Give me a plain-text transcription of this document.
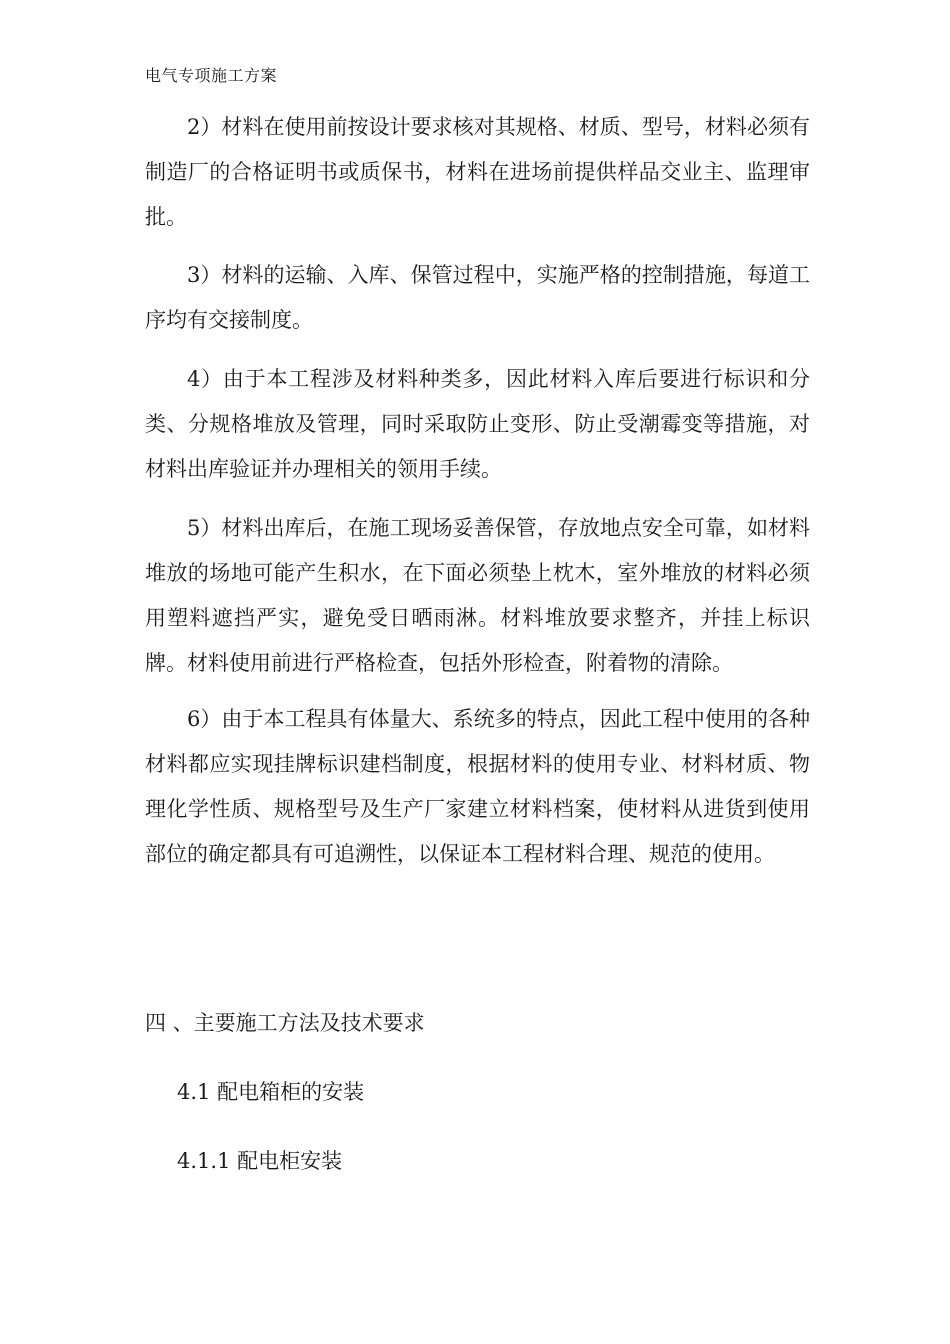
电气专项施工方案

2）材料在使用前按设计要求核对其规格、材质、型号，材料必须有制造厂的合格证明书或质保书，材料在进场前提供样品交业主、监理审批。

3）材料的运输、入库、保管过程中，实施严格的控制措施，每道工序均有交接制度。

4）由于本工程涉及材料种类多，因此材料入库后要进行标识和分类、分规格堆放及管理，同时采取防止变形、防止受潮霉变等措施，对材料出库验证并办理相关的领用手续。

5）材料出库后，在施工现场妥善保管，存放地点安全可靠，如材料堆放的场地可能产生积水，在下面必须垫上枕木，室外堆放的材料必须用塑料遮挡严实，避免受日晒雨淋。材料堆放要求整齐，并挂上标识牌。材料使用前进行严格检查，包括外形检查，附着物的清除。

6）由于本工程具有体量大、系统多的特点，因此工程中使用的各种材料都应实现挂牌标识建档制度，根据材料的使用专业、材料材质、物理化学性质、规格型号及生产厂家建立材料档案，使材料从进货到使用部位的确定都具有可追溯性，以保证本工程材料合理、规范的使用。

四 、主要施工方法及技术要求
4.1 配电箱柜的安装
4.1.1 配电柜安装
